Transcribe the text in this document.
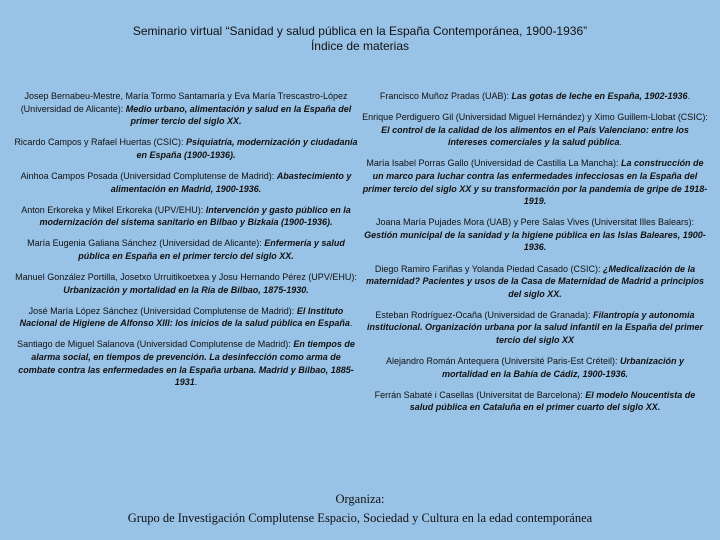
Seminario virtual “Sanidad y salud pública en la España Contemporánea, 1900-1936”
Índice de materias
Josep Bernabeu-Mestre, María Tormo Santamaría y Eva María Trescastro-López (Universidad de Alicante): Medio urbano, alimentación y salud en la España del primer tercio del siglo XX.
Ricardo Campos y Rafael Huertas (CSIC): Psiquiatría, modernización y ciudadanía en España (1900-1936).
Ainhoa Campos Posada (Universidad Complutense de Madrid): Abastecimiento y alimentación en Madrid, 1900-1936.
Anton Erkoreka y Mikel Erkoreka (UPV/EHU): Intervención y gasto público en la modernización del sistema sanitario en Bilbao y Bizkaia (1900-1936).
María Eugenia Galiana Sánchez (Universidad de Alicante): Enfermería y salud pública en España en el primer tercio del siglo XX.
Manuel González Portilla, Josetxo Urruitikoetxea y Josu Hernando Pérez (UPV/EHU): Urbanización y mortalidad en la Ría de Bilbao, 1875-1930.
José María López Sánchez (Universidad Complutense de Madrid): El Instituto Nacional de Higiene de Alfonso XIII: los inicios de la salud pública en España.
Santiago de Miguel Salanova (Universidad Complutense de Madrid): En tiempos de alarma social, en tiempos de prevención. La desinfección como arma de combate contra las enfermedades en la España urbana. Madrid y Bilbao, 1885-1931.
Francisco Muñoz Pradas (UAB): Las gotas de leche en España, 1902-1936.
Enrique Perdiguero Gil (Universidad Miguel Hernández) y Ximo Guillem-Llobat (CSIC): El control de la calidad de los alimentos en el País Valenciano: entre los intereses comerciales y la salud pública.
María Isabel Porras Gallo (Universidad de Castilla La Mancha): La construcción de un marco para luchar contra las enfermedades infecciosas en la España del primer tercio del siglo XX y su transformación por la pandemia de gripe de 1918-1919.
Joana María Pujades Mora (UAB) y Pere Salas Vives (Universitat Illes Balears): Gestión municipal de la sanidad y la higiene pública en las Islas Baleares, 1900-1936.
Diego Ramiro Fariñas y Yolanda Piedad Casado (CSIC): ¿Medicalización de la maternidad? Pacientes y usos de la Casa de Maternidad de Madrid a principios del siglo XX.
Esteban Rodríguez-Ocaña (Universidad de Granada): Filantropía y autonomía institucional. Organización urbana por la salud infantil en la España del primer tercio del siglo XX
Alejandro Román Antequera (Université Paris-Est Créteil): Urbanización y mortalidad en la Bahía de Cádiz, 1900-1936.
Ferrán Sabaté i Casellas (Universitat de Barcelona): El modelo Noucentista de salud pública en Cataluña en el primer cuarto del siglo XX.
Organiza:
Grupo de Investigación Complutense Espacio, Sociedad y Cultura en la edad contemporánea
